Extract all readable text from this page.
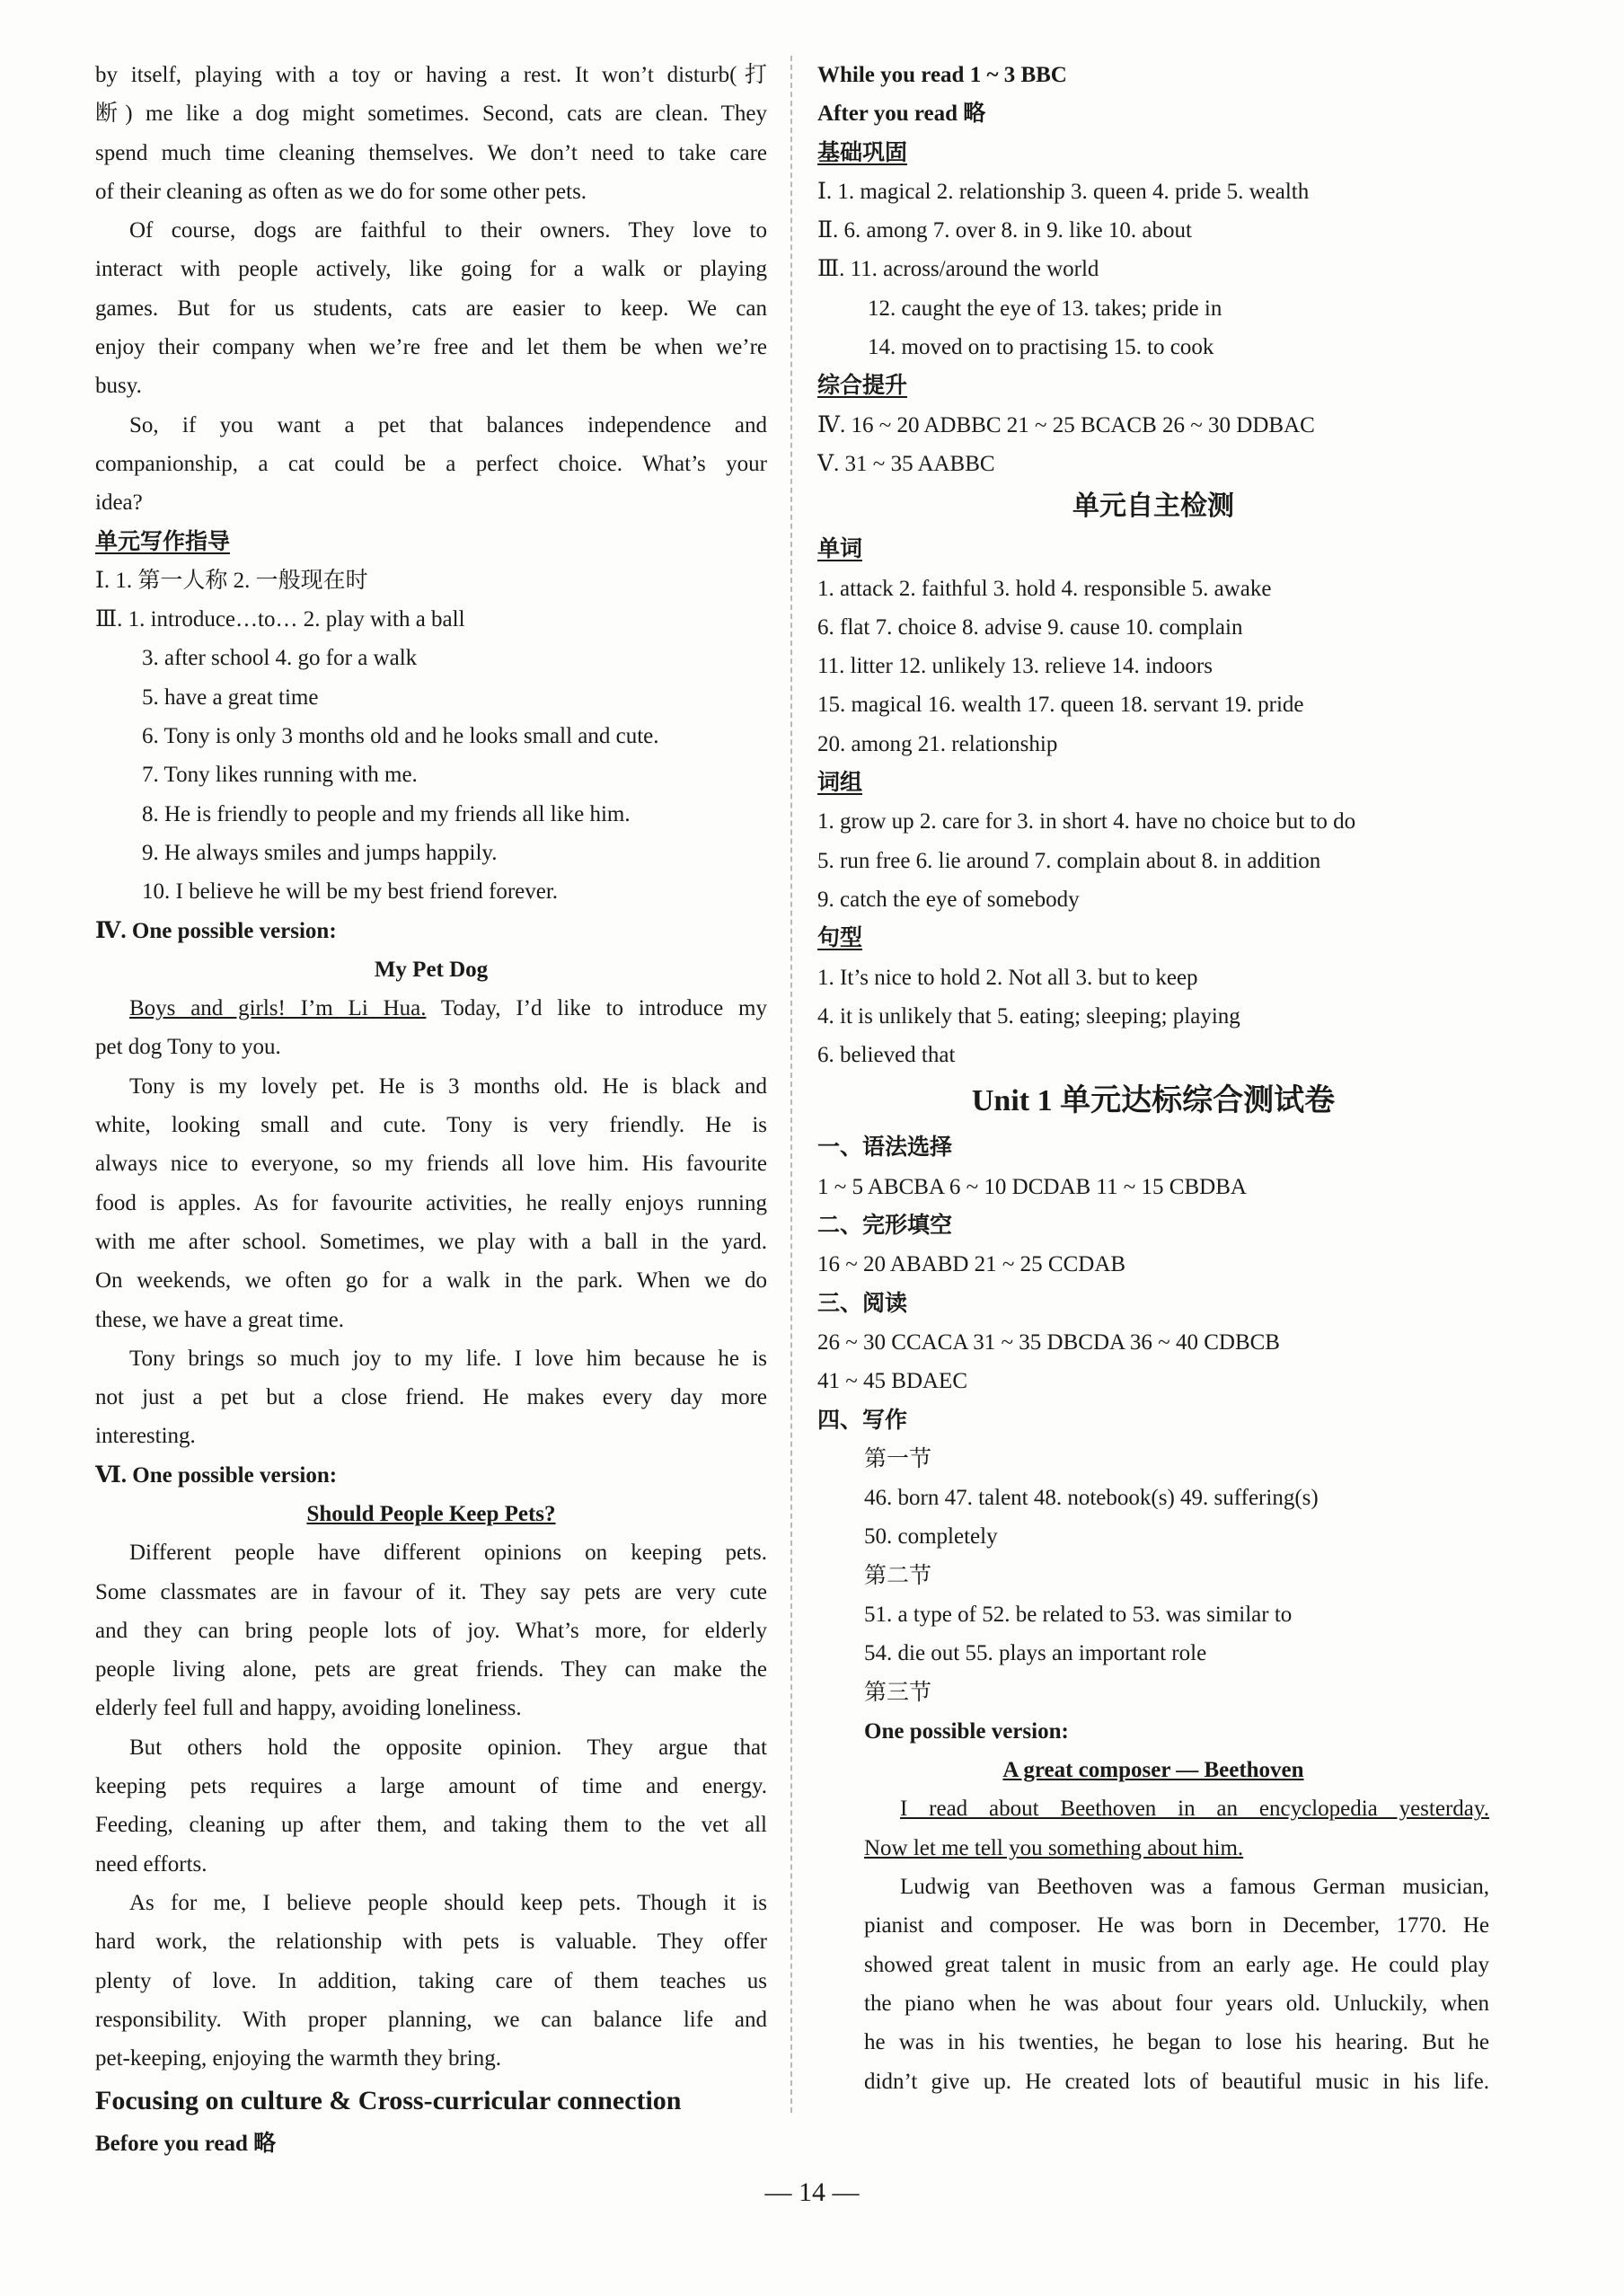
by itself, playing with a toy or having a rest. It won’t disturb(打
断) me like a dog might sometimes. Second, cats are clean. They
spend much time cleaning themselves. We don’t need to take care
of their cleaning as often as we do for some other pets.
Of course, dogs are faithful to their owners. They love to
interact with people actively, like going for a walk or playing
games. But for us students, cats are easier to keep. We can
enjoy their company when we’re free and let them be when we’re
busy.
So, if you want a pet that balances independence and
companionship, a cat could be a perfect choice. What’s your
idea?
单元写作指导
Ⅰ. 1. 第一人称 2. 一般现在时
Ⅲ. 1. introduce…to… 2. play with a ball
3. after school 4. go for a walk
5. have a great time
6. Tony is only 3 months old and he looks small and cute.
7. Tony likes running with me.
8. He is friendly to people and my friends all like him.
9. He always smiles and jumps happily.
10. I believe he will be my best friend forever.
Ⅳ. One possible version:
My Pet Dog
Boys and girls! I’m Li Hua. Today, I’d like to introduce my
pet dog Tony to you.
Tony is my lovely pet. He is 3 months old. He is black and
white, looking small and cute. Tony is very friendly. He is
always nice to everyone, so my friends all love him. His favourite
food is apples. As for favourite activities, he really enjoys running
with me after school. Sometimes, we play with a ball in the yard.
On weekends, we often go for a walk in the park. When we do
these, we have a great time.
Tony brings so much joy to my life. I love him because he is
not just a pet but a close friend. He makes every day more
interesting.
Ⅵ. One possible version:
Should People Keep Pets?
Different people have different opinions on keeping pets.
Some classmates are in favour of it. They say pets are very cute
and they can bring people lots of joy. What’s more, for elderly
people living alone, pets are great friends. They can make the
elderly feel full and happy, avoiding loneliness.
But others hold the opposite opinion. They argue that
keeping pets requires a large amount of time and energy.
Feeding, cleaning up after them, and taking them to the vet all
need efforts.
As for me, I believe people should keep pets. Though it is
hard work, the relationship with pets is valuable. They offer
plenty of love. In addition, taking care of them teaches us
responsibility. With proper planning, we can balance life and
pet-keeping, enjoying the warmth they bring.
Focusing on culture & Cross-curricular connection
Before you read 略
While you read 1 ~ 3 BBC
After you read 略
基础巩固
Ⅰ. 1. magical 2. relationship 3. queen 4. pride 5. wealth
Ⅱ. 6. among 7. over 8. in 9. like 10. about
Ⅲ. 11. across/around the world
12. caught the eye of 13. takes; pride in
14. moved on to practising 15. to cook
综合提升
Ⅳ. 16 ~ 20 ADBBC 21 ~ 25 BCACB 26 ~ 30 DDBAC
Ⅴ. 31 ~ 35 AABBC
单元自主检测
单词
1. attack 2. faithful 3. hold 4. responsible 5. awake
6. flat 7. choice 8. advise 9. cause 10. complain
11. litter 12. unlikely 13. relieve 14. indoors
15. magical 16. wealth 17. queen 18. servant 19. pride
20. among 21. relationship
词组
1. grow up 2. care for 3. in short 4. have no choice but to do
5. run free 6. lie around 7. complain about 8. in addition
9. catch the eye of somebody
句型
1. It’s nice to hold 2. Not all 3. but to keep
4. it is unlikely that 5. eating; sleeping; playing
6. believed that
Unit 1 单元达标综合测试卷
一、语法选择
1 ~ 5 ABCBA 6 ~ 10 DCDAB 11 ~ 15 CBDBA
二、完形填空
16 ~ 20 ABABD 21 ~ 25 CCDAB
三、阅读
26 ~ 30 CCACA 31 ~ 35 DBCDA 36 ~ 40 CDBCB
41 ~ 45 BDAEC
四、写作
第一节
46. born 47. talent 48. notebook(s) 49. suffering(s)
50. completely
第二节
51. a type of 52. be related to 53. was similar to
54. die out 55. plays an important role
第三节
One possible version:
A great composer — Beethoven
I read about Beethoven in an encyclopedia yesterday.
Now let me tell you something about him.
Ludwig van Beethoven was a famous German musician,
pianist and composer. He was born in December, 1770. He
showed great talent in music from an early age. He could play
the piano when he was about four years old. Unluckily, when
he was in his twenties, he began to lose his hearing. But he
didn’t give up. He created lots of beautiful music in his life.
— 14 —
